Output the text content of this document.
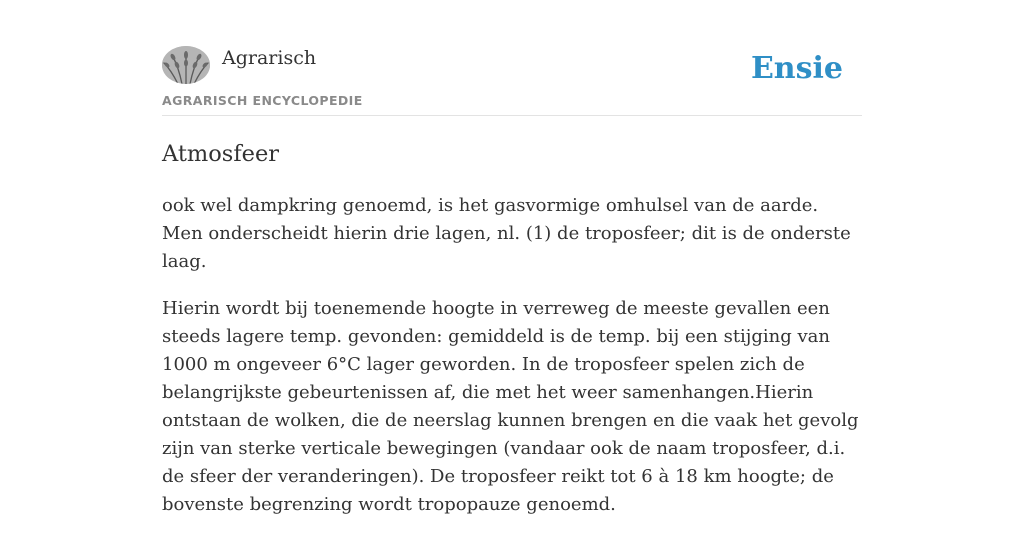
Agrarisch
AGRARISCH ENCYCLOPEDIE
Ensie
Atmosfeer

ook wel dampkring genoemd, is het gasvormige omhulsel van de aarde. Men onderscheidt hierin drie lagen, nl. (1) de troposfeer; dit is de onderste laag.

Hierin wordt bij toenemende hoogte in verreweg de meeste gevallen een steeds lagere temp. gevonden: gemiddeld is de temp. bij een stijging van 1000 m ongeveer 6°C lager geworden. In de troposfeer spelen zich de belangrijkste gebeurtenissen af, die met het weer samenhangen.Hierin ontstaan de wolken, die de neerslag kunnen brengen en die vaak het gevolg zijn van sterke verticale bewegingen (vandaar ook de naam troposfeer, d.i. de sfeer der veranderingen). De troposfeer reikt tot 6 à 18 km hoogte; de bovenste begrenzing wordt tropopauze genoemd.
